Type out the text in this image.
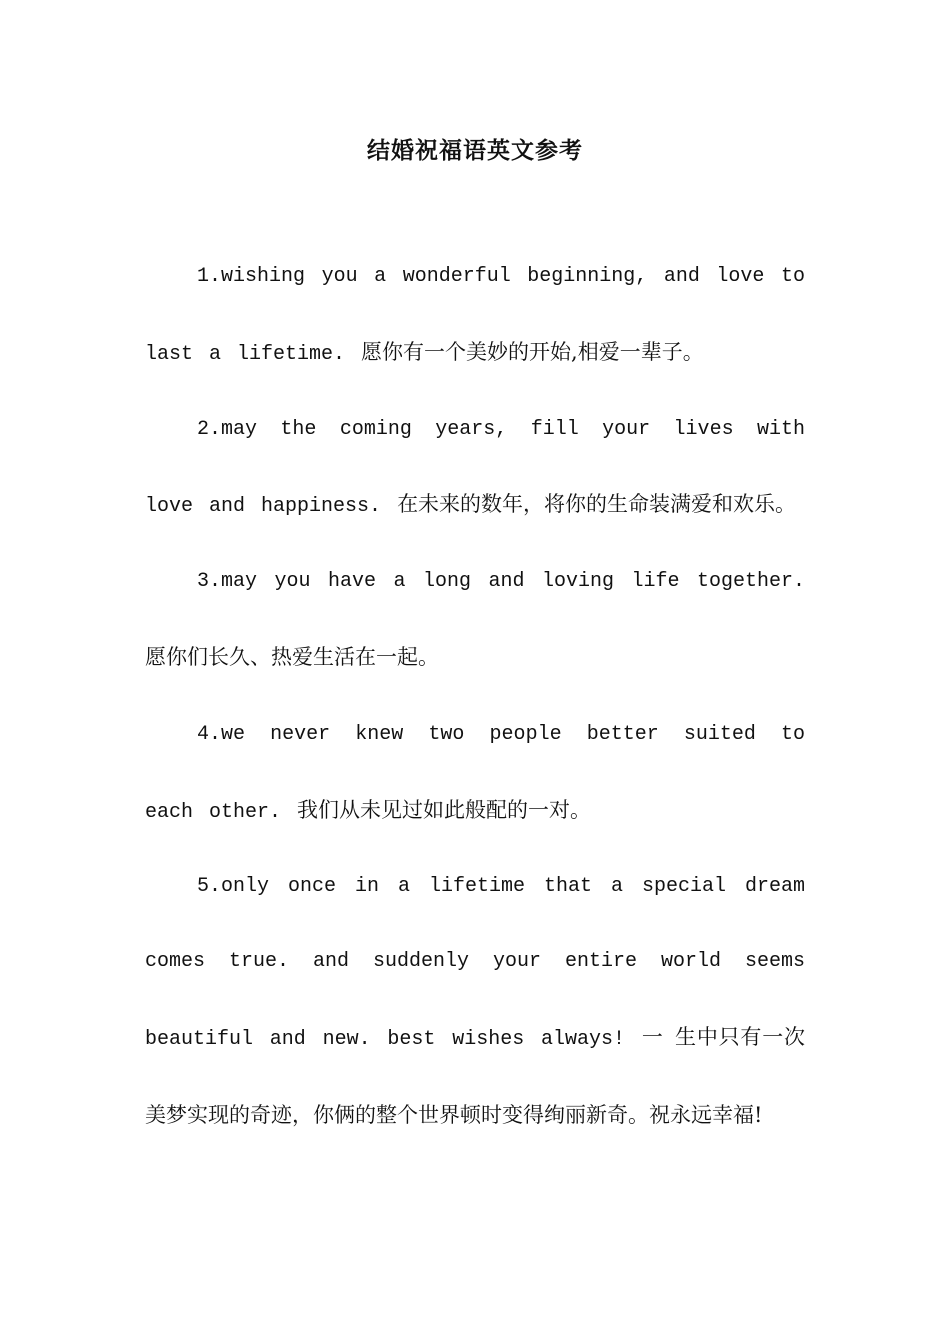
结婚祝福语英文参考

1.wishing you a wonderful beginning, and love to last a lifetime. 愿你有一个美妙的开始,相爱一辈子。

2.may the coming years, fill your lives with love and happiness. 在未来的数年，将你的生命装满爱和欢乐。

3.may you have a long and loving life together. 愿你们长久、热爱生活在一起。

4.we never knew two people better suited to each other. 我们从未见过如此般配的一对。

5.only once in a lifetime that a special dream comes true. and suddenly your entire world seems beautiful and new. best wishes always! 一 生中只有一次美梦实现的奇迹，你俩的整个世界顿时变得绚丽新奇。祝永远幸福!
